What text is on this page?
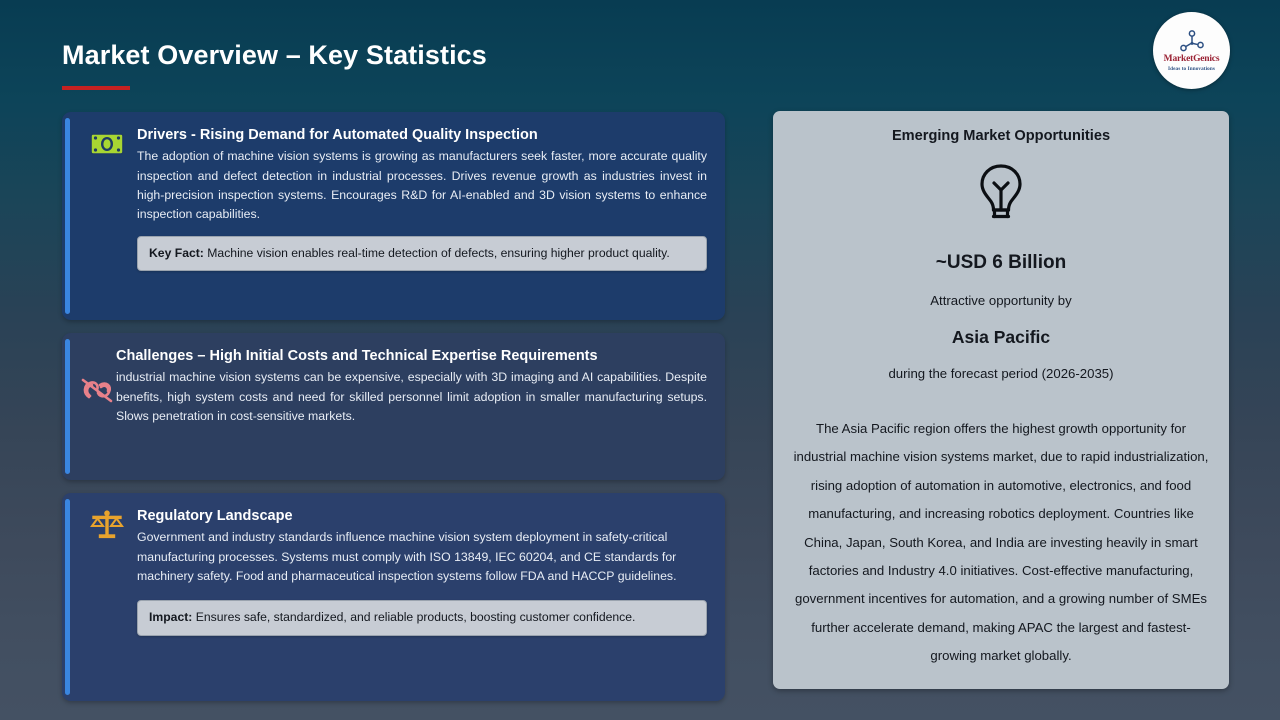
Market Overview – Key Statistics	MarketGenics
Ideas to Innovations
Drivers - Rising Demand for Automated Quality Inspection
The adoption of machine vision systems is growing as manufacturers seek faster, more accurate quality inspection and defect detection in industrial processes. Drives revenue growth as industries invest in high-precision inspection systems. Encourages R&D for AI-enabled and 3D vision systems to enhance inspection capabilities.
Key Fact: Machine vision enables real-time detection of defects, ensuring higher product quality.
Challenges – High Initial Costs and Technical Expertise Requirements
industrial machine vision systems can be expensive, especially with 3D imaging and AI capabilities. Despite benefits, high system costs and need for skilled personnel limit adoption in smaller manufacturing setups. Slows penetration in cost-sensitive markets.
Regulatory Landscape
Government and industry standards influence machine vision system deployment in safety-critical manufacturing processes. Systems must comply with ISO 13849, IEC 60204, and CE standards for machinery safety. Food and pharmaceutical inspection systems follow FDA and HACCP guidelines.
Impact: Ensures safe, standardized, and reliable products, boosting customer confidence.
Emerging Market Opportunities
~USD 6 Billion
Attractive opportunity by
Asia Pacific
during the forecast period (2026-2035)
The Asia Pacific region offers the highest growth opportunity for industrial machine vision systems market, due to rapid industrialization, rising adoption of automation in automotive, electronics, and food manufacturing, and increasing robotics deployment. Countries like China, Japan, South Korea, and India are investing heavily in smart factories and Industry 4.0 initiatives. Cost-effective manufacturing, government incentives for automation, and a growing number of SMEs further accelerate demand, making APAC the largest and fastest-growing market globally.
